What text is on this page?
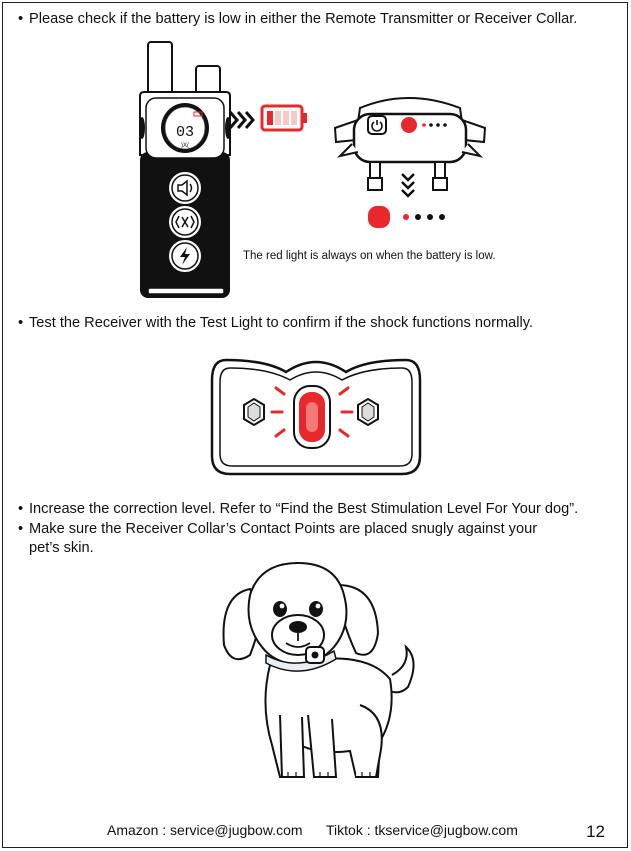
• Please check if the battery is low in either the Remote Transmitter or Receiver Collar.
03
)X(
The red light is always on when the battery is low.
• Test the Receiver with the Test Light to confirm if the shock functions normally.
• Increase the correction level. Refer to “Find the Best Stimulation Level For Your dog”.
• Make sure the Receiver Collar’s Contact Points are placed snugly against your
pet’s skin.
Amazon : service@jugbow.com Tiktok : tkservice@jugbow.com	12
